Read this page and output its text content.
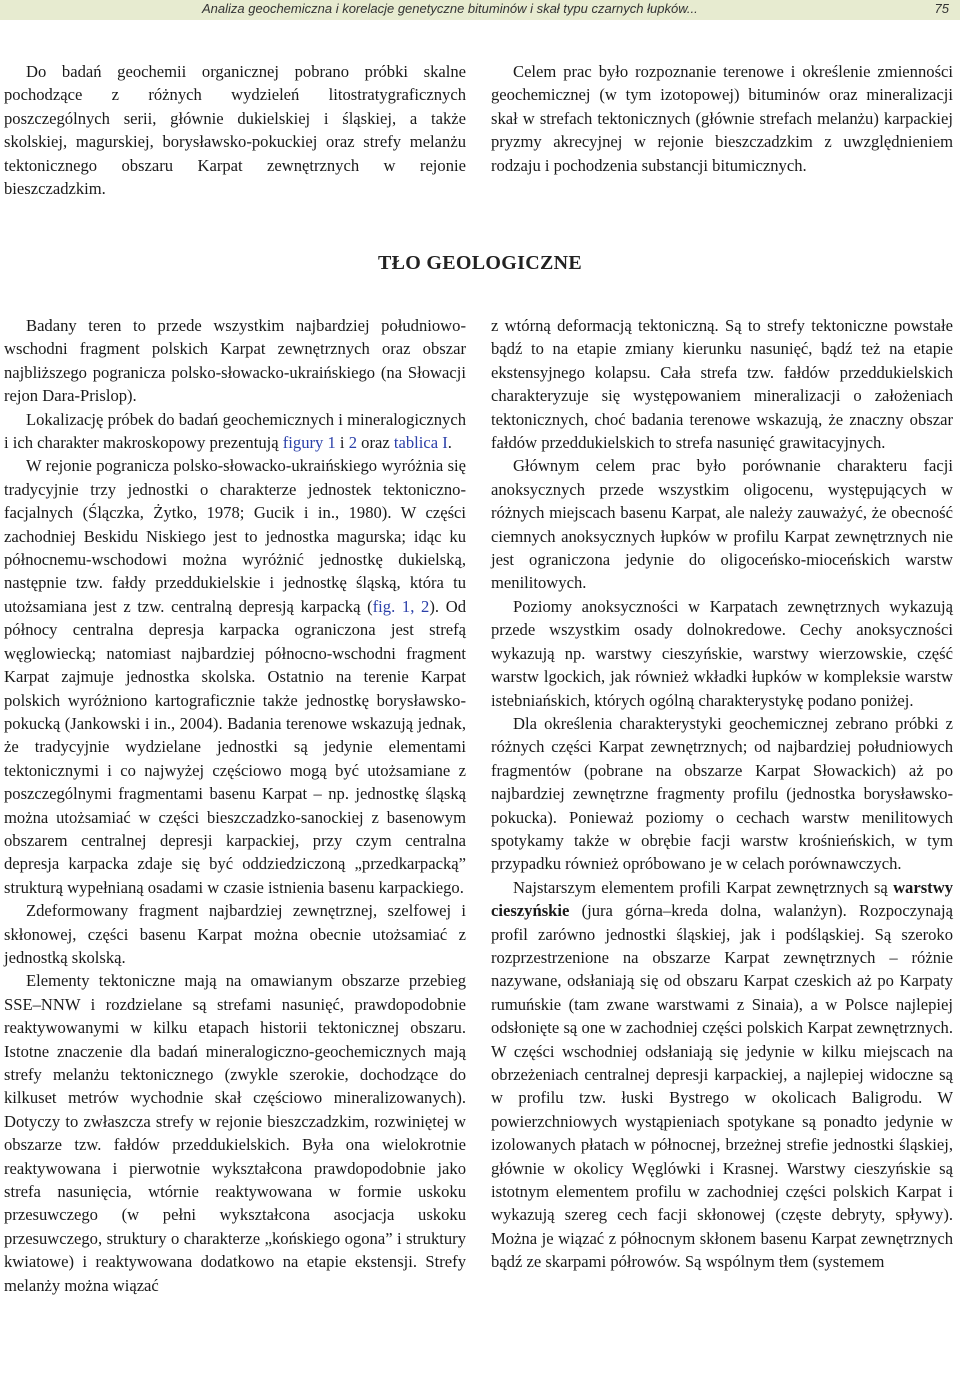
Analiza geochemiczna i korelacje genetyczne bituminów i skał typu czarnych łupków...	75

Do badań geochemii organicznej pobrano próbki skalne pochodzące z różnych wydzieleń litostratygraficznych poszczególnych serii, głównie dukielskiej i śląskiej, a także skolskiej, magurskiej, borysławsko-pokuckiej oraz strefy melanżu tektonicznego obszaru Karpat zewnętrznych w rejonie bieszczadzkim.

Celem prac było rozpoznanie terenowe i określenie zmienności geochemicznej (w tym izotopowej) bituminów oraz mineralizacji skał w strefach tektonicznych (głównie strefach melanżu) karpackiej pryzmy akrecyjnej w rejonie bieszczadzkim z uwzględnieniem rodzaju i pochodzenia substancji bitumicznych.

TŁO GEOLOGICZNE

Badany teren to przede wszystkim najbardziej południowo-wschodni fragment polskich Karpat zewnętrznych oraz obszar najbliższego pogranicza polsko-słowacko-ukraińskiego (na Słowacji rejon Dara-Prislop).

Lokalizację próbek do badań geochemicznych i mineralogicznych i ich charakter makroskopowy prezentują figury 1 i 2 oraz tablica I.

W rejonie pogranicza polsko-słowacko-ukraińskiego wyróżnia się tradycyjnie trzy jednostki o charakterze jednostek tektoniczno-facjalnych (Ślączka, Żytko, 1978; Gucik i in., 1980). W części zachodniej Beskidu Niskiego jest to jednostka magurska; idąc ku północnemu-wschodowi można wyróżnić jednostkę dukielską, następnie tzw. fałdy przeddukielskie i jednostkę śląską, która tu utożsamiana jest z tzw. centralną depresją karpacką (fig. 1, 2). Od północy centralna depresja karpacka ograniczona jest strefą węglowiecką; natomiast najbardziej północno-wschodni fragment Karpat zajmuje jednostka skolska. Ostatnio na terenie Karpat polskich wyróżniono kartograficznie także jednostkę borysławsko-pokucką (Jankowski i in., 2004). Badania terenowe wskazują jednak, że tradycyjnie wydzielane jednostki są jedynie elementami tektonicznymi i co najwyżej częściowo mogą być utożsamiane z poszczególnymi fragmentami basenu Karpat – np. jednostkę śląską można utożsamiać w części bieszczadzko-sanockiej z basenowym obszarem centralnej depresji karpackiej, przy czym centralna depresja karpacka zdaje się być oddziedziczoną „przedkarpacką” strukturą wypełnianą osadami w czasie istnienia basenu karpackiego.

Zdeformowany fragment najbardziej zewnętrznej, szelfowej i skłonowej, części basenu Karpat można obecnie utożsamiać z jednostką skolską.

Elementy tektoniczne mają na omawianym obszarze przebieg SSE–NNW i rozdzielane są strefami nasunięć, prawdopodobnie reaktywowanymi w kilku etapach historii tektonicznej obszaru. Istotne znaczenie dla badań mineralogiczno-geochemicznych mają strefy melanżu tektonicznego (zwykle szerokie, dochodzące do kilkuset metrów wychodnie skał częściowo mineralizowanych). Dotyczy to zwłaszcza strefy w rejonie bieszczadzkim, rozwiniętej w obszarze tzw. fałdów przeddukielskich. Była ona wielokrotnie reaktywowana i pierwotnie wykształcona prawdopodobnie jako strefa nasunięcia, wtórnie reaktywowana w formie uskoku przesuwczego (w pełni wykształcona asocjacja uskoku przesuwczego, struktury o charakterze „końskiego ogona” i struktury kwiatowe) i reaktywowana dodatkowo na etapie ekstensji. Strefy melanży można wiązać

z wtórną deformacją tektoniczną. Są to strefy tektoniczne powstałe bądź to na etapie zmiany kierunku nasunięć, bądź też na etapie ekstensyjnego kolapsu. Cała strefa tzw. fałdów przeddukielskich charakteryzuje się występowaniem mineralizacji o założeniach tektonicznych, choć badania terenowe wskazują, że znaczny obszar fałdów przeddukielskich to strefa nasunięć grawitacyjnych.

Głównym celem prac było porównanie charakteru facji anoksycznych przede wszystkim oligocenu, występujących w różnych miejscach basenu Karpat, ale należy zauważyć, że obecność ciemnych anoksycznych łupków w profilu Karpat zewnętrznych nie jest ograniczona jedynie do oligoceńsko-mioceńskich warstw menilitowych.

Poziomy anoksyczności w Karpatach zewnętrznych wykazują przede wszystkim osady dolnokredowe. Cechy anoksyczności wykazują np. warstwy cieszyńskie, warstwy wierzowskie, część warstw lgockich, jak również wkładki łupków w kompleksie warstw istebniańskich, których ogólną charakterystykę podano poniżej.

Dla określenia charakterystyki geochemicznej zebrano próbki z różnych części Karpat zewnętrznych; od najbardziej południowych fragmentów (pobrane na obszarze Karpat Słowackich) aż po najbardziej zewnętrzne fragmenty profilu (jednostka borysławsko-pokucka). Ponieważ poziomy o cechach warstw menilitowych spotykamy także w obrębie facji warstw krośnieńskich, w tym przypadku również opróbowano je w celach porównawczych.

Najstarszym elementem profili Karpat zewnętrznych są warstwy cieszyńskie (jura górna–kreda dolna, walanżyn). Rozpoczynają profil zarówno jednostki śląskiej, jak i podśląskiej. Są szeroko rozprzestrzenione na obszarze Karpat zewnętrznych – różnie nazywane, odsłaniają się od obszaru Karpat czeskich aż po Karpaty rumuńskie (tam zwane warstwami z Sinaia), a w Polsce najlepiej odsłonięte są one w zachodniej części polskich Karpat zewnętrznych. W części wschodniej odsłaniają się jedynie w kilku miejscach na obrzeżeniach centralnej depresji karpackiej, a najlepiej widoczne są w profilu tzw. łuski Bystrego w okolicach Baligrodu. W powierzchniowych wystąpieniach spotykane są ponadto jedynie w izolowanych płatach w północnej, brzeżnej strefie jednostki śląskiej, głównie w okolicy Węglówki i Krasnej. Warstwy cieszyńskie są istotnym elementem profilu w zachodniej części polskich Karpat i wykazują szereg cech facji skłonowej (częste debryty, spływy). Można je wiązać z północnym skłonem basenu Karpat zewnętrznych bądź ze skarpami półrowów. Są wspólnym tłem (systemem
